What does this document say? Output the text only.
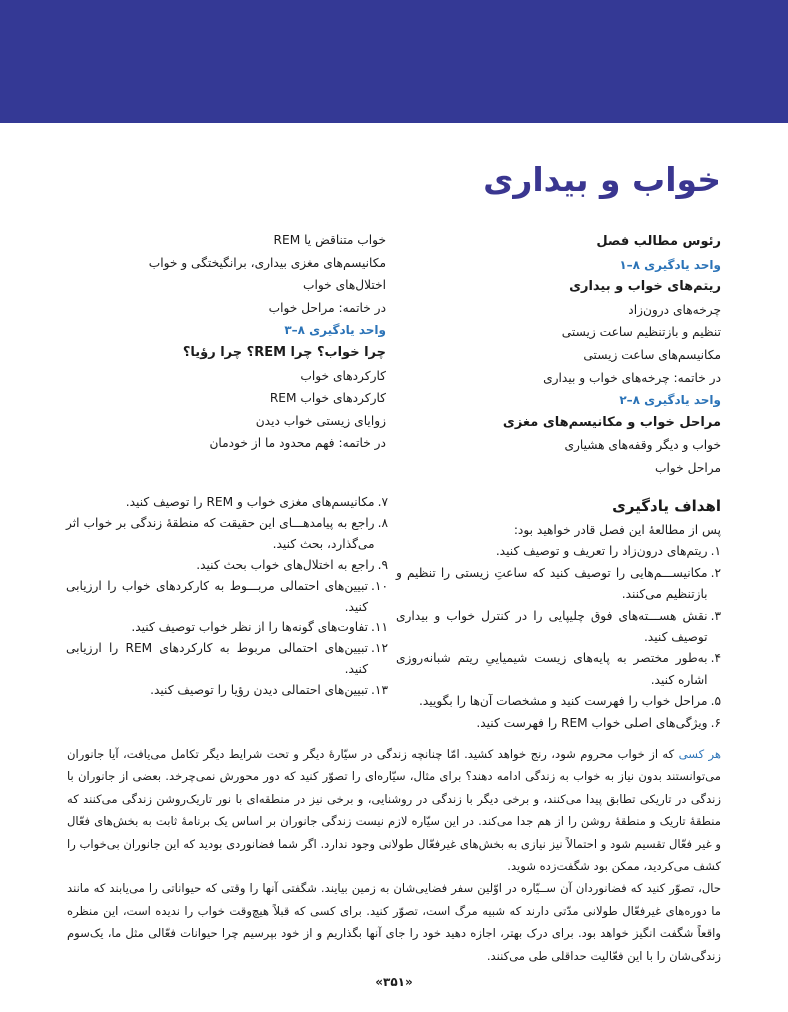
خواب و بیداری
رئوس مطالب فصل
واحد یادگیری ۸–۱
ریتم‌های خواب و بیداری
چرخه‌های درون‌زاد
تنظیم و بازتنظیم ساعت زیستی
مکانیسم‌های ساعت زیستی
در خاتمه: چرخه‌های خواب و بیداری
واحد یادگیری ۸–۲
مراحل خواب و مکانیسم‌های مغزی
خواب و دیگر وقفه‌های هشیاری
مراحل خواب
خواب متناقض یا REM
مکانیسم‌های مغزی بیداری، برانگیختگی و خواب
اختلال‌های خواب
در خاتمه: مراحل خواب
واحد یادگیری ۸–۳
چرا خواب؟ چرا REM؟ چرا رؤیا؟
کارکردهای خواب
کارکردهای خواب REM
زوایای زیستی خواب دیدن
در خاتمه: فهم محدود ما از خودمان
اهداف یادگیری
پس از مطالعهٔ این فصل قادر خواهید بود:
۱.
ریتم‌های درون‌زاد را تعریف و توصیف کنید.
۲.
مکانیســـم‌هایی را توصیف کنید که ساعتِ زیستی را تنظیم و بازتنظیم می‌کنند.
۳.
نقش هســـته‌های فوق چلیپایی را در کنترل خواب و بیداری توصیف کنید.
۴.
به‌طور مختصر به پایه‌های زیست شیمیاییِ ریتم شبانه‌روزی اشاره کنید.
۵.
مراحل خواب را فهرست کنید و مشخصات آن‌ها را بگویید.
۶.
ویژگی‌های اصلی خواب REM را فهرست کنید.
۷.
مکانیسم‌های مغزی خواب و REM را توصیف کنید.
۸.
راجع به پیامدهـــای این حقیقت که منطقهٔ زندگی بر خواب اثر می‌گذارد، بحث کنید.
۹.
راجع به اختلال‌های خواب بحث کنید.
۱۰.
تبیین‌های احتمالی مربـــوط به کارکردهای خواب را ارزیابی کنید.
۱۱.
تفاوت‌های گونه‌ها را از نظر خواب توصیف کنید.
۱۲.
تبیین‌های احتمالی مربوط به کارکردهای REM را ارزیابی کنید.
۱۳.
تبیین‌های احتمالی دیدن رؤیا را توصیف کنید.

هر کسی که از خواب محروم شود، رنج خواهد کشید. امّا چنانچه زندگی در سیّارهٔ دیگر و تحت شرایط دیگر تکامل می‌یافت، آیا جانوران می‌توانستند بدون نیاز به خواب به زندگی ادامه دهند؟ برای مثال، سیّاره‌ای را تصوّر کنید که دور محورش نمی‌چرخد. بعضی از جانوران با زندگی در تاریکی تطابق پیدا می‌کنند، و برخی دیگر با زندگی در روشنایی، و برخی نیز در منطقه‌ای با نور تاریک‌روشن زندگی می‌کنند که منطقهٔ تاریک و منطقهٔ روشن را از هم جدا می‌کند. در این سیّاره لازم نیست زندگی جانوران بر اساس یک برنامهٔ ثابت به بخش‌های فعّال و غیر فعّال تقسیم شود و احتمالاً نیز نیازی به بخش‌های غیرفعّال طولانی وجود ندارد. اگر شما فضانوردی بودید که این جانوران بی‌خواب را کشف می‌کردید، ممکن بود شگفت‌زده شوید.

حال، تصوّر کنید که فضانوردان آن ســیّاره در اوّلین سفر فضایی‌شان به زمین بیایند. شگفتی آنها را وقتی که حیواناتی را می‌یابند که مانند ما دوره‌های غیرفعّال طولانی مدّتی دارند که شبیه مرگ است، تصوّر کنید. برای کسی که قبلاً هیچ‌وقت خواب را ندیده است، این منظره واقعاً شگفت انگیز خواهد بود. برای درک بهتر، اجازه دهید خود را جای آنها بگذاریم و از خود بپرسیم چرا حیوانات فعّالی مثل ما، یک‌سوم زندگی‌شان را با این فعّالیت حداقلی طی می‌کنند.

«۳۵۱»
